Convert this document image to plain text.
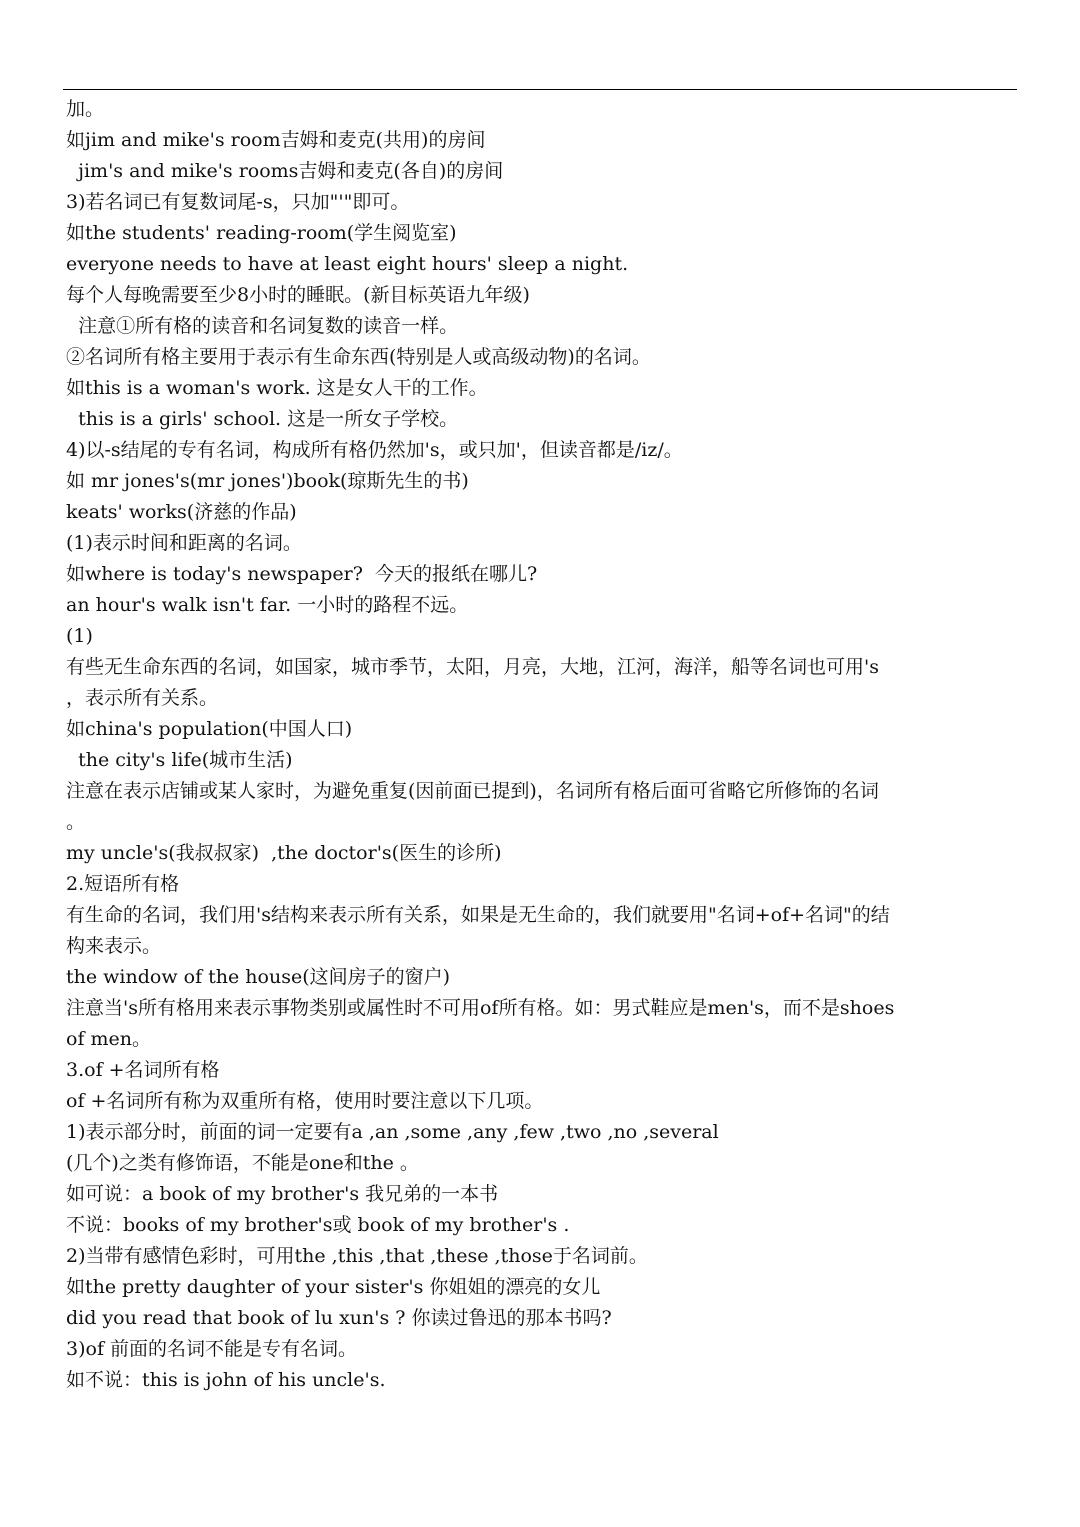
加。
如jim and mike's room吉姆和麦克(共用)的房间
jim's and mike's rooms吉姆和麦克(各自)的房间
3)若名词已有复数词尾-s，只加"'"即可。
如the students' reading-room(学生阅览室)
everyone needs to have at least eight hours' sleep a night.
每个人每晚需要至少8小时的睡眠。(新目标英语九年级)
注意①所有格的读音和名词复数的读音一样。
②名词所有格主要用于表示有生命东西(特别是人或高级动物)的名词。
如this is a woman's work. 这是女人干的工作。
this is a girls' school. 这是一所女子学校。
4)以-s结尾的专有名词，构成所有格仍然加's，或只加'，但读音都是/iz/。
如 mr jones's(mr jones')book(琼斯先生的书)
keats' works(济慈的作品)
(1)表示时间和距离的名词。
如where is today's newspaper?  今天的报纸在哪儿?
an hour's walk isn't far. 一小时的路程不远。
(1)
有些无生命东西的名词，如国家，城市季节，太阳，月亮，大地，江河，海洋，船等名词也可用's
，表示所有关系。
如china's population(中国人口)
the city's life(城市生活)
注意在表示店铺或某人家时，为避免重复(因前面已提到)，名词所有格后面可省略它所修饰的名词
。
my uncle's(我叔叔家)  ,the doctor's(医生的诊所)
2.短语所有格
有生命的名词，我们用's结构来表示所有关系，如果是无生命的，我们就要用"名词+of+名词"的结
构来表示。
the window of the house(这间房子的窗户)
注意当's所有格用来表示事物类别或属性时不可用of所有格。如：男式鞋应是men's，而不是shoes
of men。
3.of +名词所有格
of +名词所有称为双重所有格，使用时要注意以下几项。
1)表示部分时，前面的词一定要有a ,an ,some ,any ,few ,two ,no ,several
(几个)之类有修饰语，不能是one和the 。
如可说：a book of my brother's 我兄弟的一本书
不说：books of my brother's或 book of my brother's .
2)当带有感情色彩时，可用the ,this ,that ,these ,those于名词前。
如the pretty daughter of your sister's 你姐姐的漂亮的女儿
did you read that book of lu xun's ? 你读过鲁迅的那本书吗?
3)of 前面的名词不能是专有名词。
如不说：this is john of his uncle's.
